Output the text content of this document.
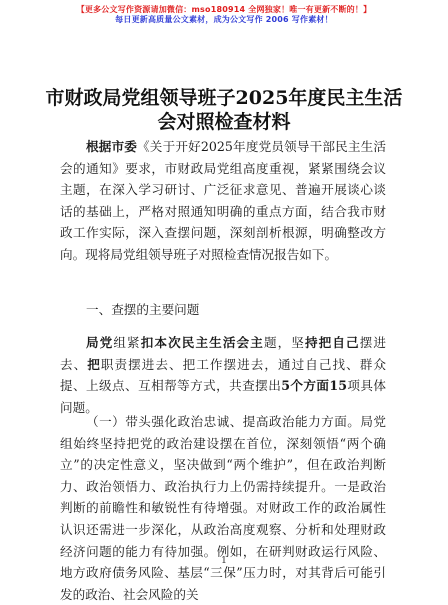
【更多公文写作资源请加微信：mso180914 全网独家！唯一有更新不断的！】
每日更新高质量公文素材，成为公文写作 2006 写作素材！
市财政局党组领导班子2025年度民主生活会对照检查材料
根据市委《关于开好2025年度党员领导干部民主生活会的通知》要求，市财政局党组高度重视，紧紧围绕会议主题，在深入学习研讨、广泛征求意见、普遍开展谈心谈话的基础上，严格对照通知明确的重点方面，结合我市财政工作实际，深入查摆问题，深刻剖析根源，明确整改方向。现将局党组领导班子对照检查情况报告如下。
一、查摆的主要问题
局党组紧扣本次民主生活会主题，坚持把自己摆进去、把职责摆进去、把工作摆进去，通过自己找、群众提、上级点、互相帮等方式，共查摆出5个方面15项具体问题。
（一）带头强化政治忠诚、提高政治能力方面。局党组始终坚持把党的政治建设摆在首位，深刻领悟“两个确立”的决定性意义，坚决做到“两个维护”，但在政治判断力、政治领悟力、政治执行力上仍需持续提升。一是政治判断的前瞻性和敏锐性有待增强。对财政工作的政治属性认识还需进一步深化，从政治高度观察、分析和处理财政经济问题的能力有待加强。例如，在研判财政运行风险、地方政府债务风险、基层“三保”压力时，对其背后可能引发的政治、社会风险的关
1
